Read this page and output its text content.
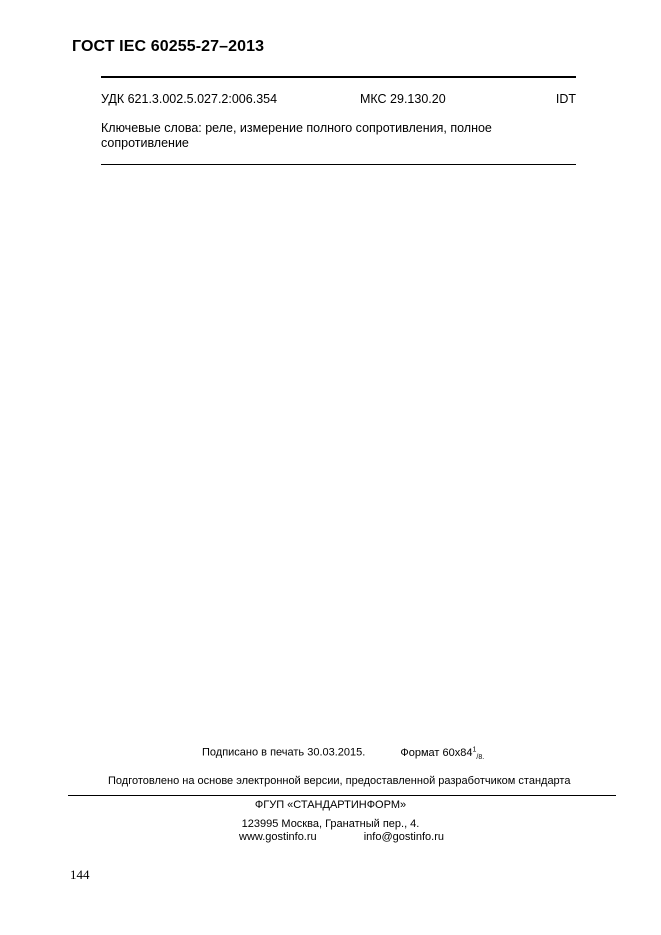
ГОСТ IEC 60255-27–2013
УДК 621.3.002.5.027.2:006.354	МКС 29.130.20	IDT
Ключевые слова: реле, измерение полного сопротивления, полное сопротивление
Подписано в печать 30.03.2015.	Формат $60x84^1_{/8.}$
Подготовлено на основе электронной версии, предоставленной разработчиком стандарта
ФГУП «СТАНДАРТИНФОРМ»
123995 Москва, Гранатный пер., 4.
www.gostinfo.ru	info@gostinfo.ru
144
